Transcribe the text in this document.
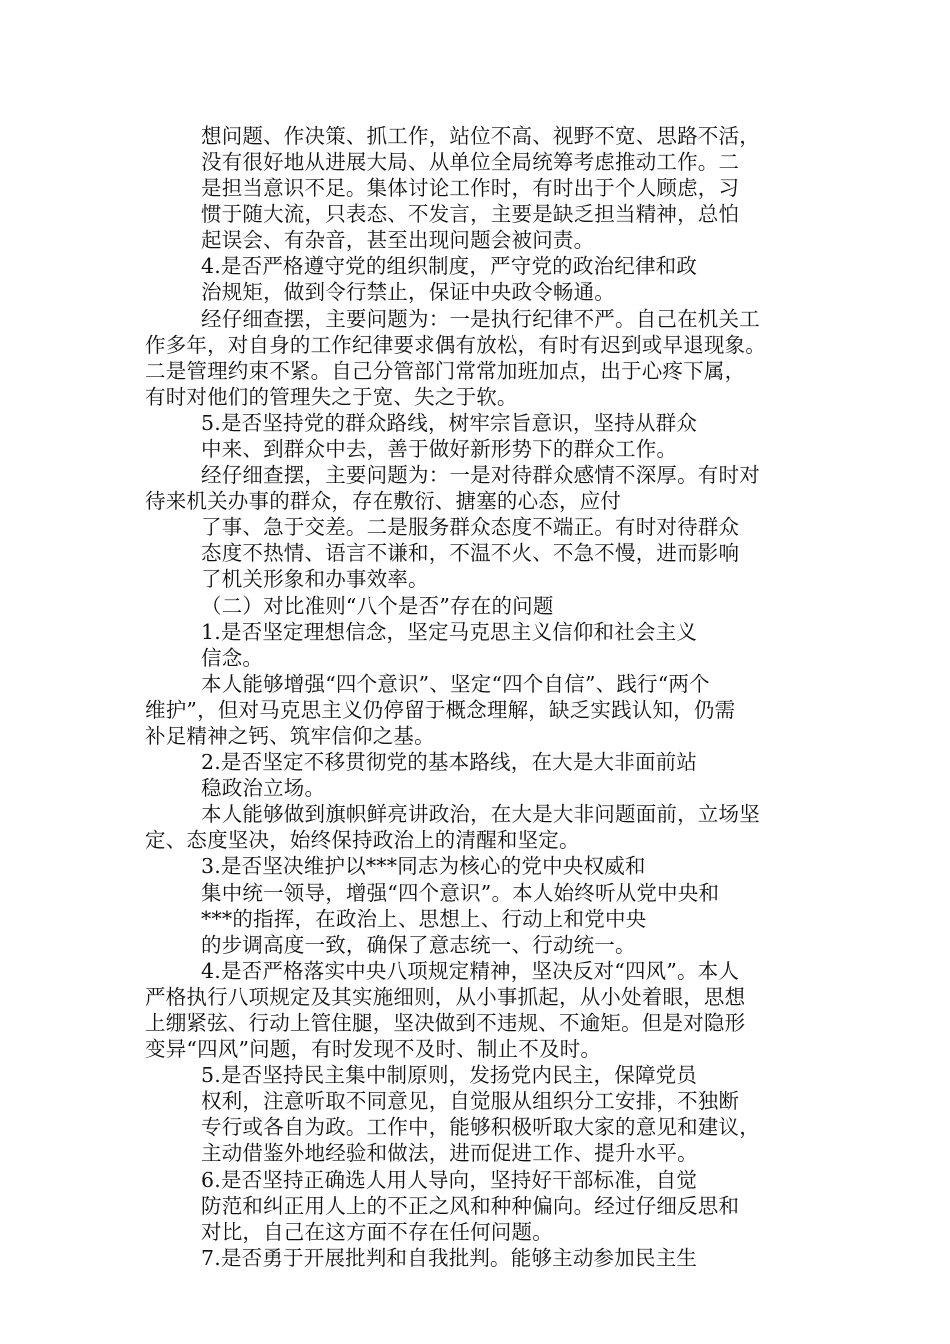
想问题、作决策、抓工作，站位不高、视野不宽、思路不活，
没有很好地从进展大局、从单位全局统筹考虑推动工作。二
是担当意识不足。集体讨论工作时，有时出于个人顾虑，习
惯于随大流，只表态、不发言，主要是缺乏担当精神，总怕
起误会、有杂音，甚至出现问题会被问责。
4.是否严格遵守党的组织制度，严守党的政治纪律和政
治规矩，做到令行禁止，保证中央政令畅通。
经仔细查摆，主要问题为：一是执行纪律不严。自己在机关工
作多年，对自身的工作纪律要求偶有放松，有时有迟到或早退现象。
二是管理约束不紧。自己分管部门常常加班加点，出于心疼下属，
有时对他们的管理失之于宽、失之于软。
5.是否坚持党的群众路线，树牢宗旨意识，坚持从群众
中来、到群众中去，善于做好新形势下的群众工作。
经仔细查摆，主要问题为：一是对待群众感情不深厚。有时对
待来机关办事的群众，存在敷衍、搪塞的心态，应付
了事、急于交差。二是服务群众态度不端正。有时对待群众
态度不热情、语言不谦和，不温不火、不急不慢，进而影响
了机关形象和办事效率。
（二）对比准则“八个是否”存在的问题
1.是否坚定理想信念，坚定马克思主义信仰和社会主义
信念。
本人能够增强“四个意识”、坚定“四个自信”、践行“两个
维护”，但对马克思主义仍停留于概念理解，缺乏实践认知，仍需
补足精神之钙、筑牢信仰之基。
2.是否坚定不移贯彻党的基本路线，在大是大非面前站
稳政治立场。
本人能够做到旗帜鲜亮讲政治，在大是大非问题面前，立场坚
定、态度坚决，始终保持政治上的清醒和坚定。
3.是否坚决维护以***同志为核心的党中央权威和
集中统一领导，增强“四个意识”。本人始终听从党中央和
***的指挥，在政治上、思想上、行动上和党中央
的步调高度一致，确保了意志统一、行动统一。
4.是否严格落实中央八项规定精神，坚决反对“四风”。本人
严格执行八项规定及其实施细则，从小事抓起，从小处着眼，思想
上绷紧弦、行动上管住腿，坚决做到不违规、不逾矩。但是对隐形
变异“四风”问题，有时发现不及时、制止不及时。
5.是否坚持民主集中制原则，发扬党内民主，保障党员
权利，注意听取不同意见，自觉服从组织分工安排，不独断
专行或各自为政。工作中，能够积极听取大家的意见和建议，
主动借鉴外地经验和做法，进而促进工作、提升水平。
6.是否坚持正确选人用人导向，坚持好干部标准，自觉
防范和纠正用人上的不正之风和种种偏向。经过仔细反思和
对比，自己在这方面不存在任何问题。
7.是否勇于开展批判和自我批判。能够主动参加民主生
